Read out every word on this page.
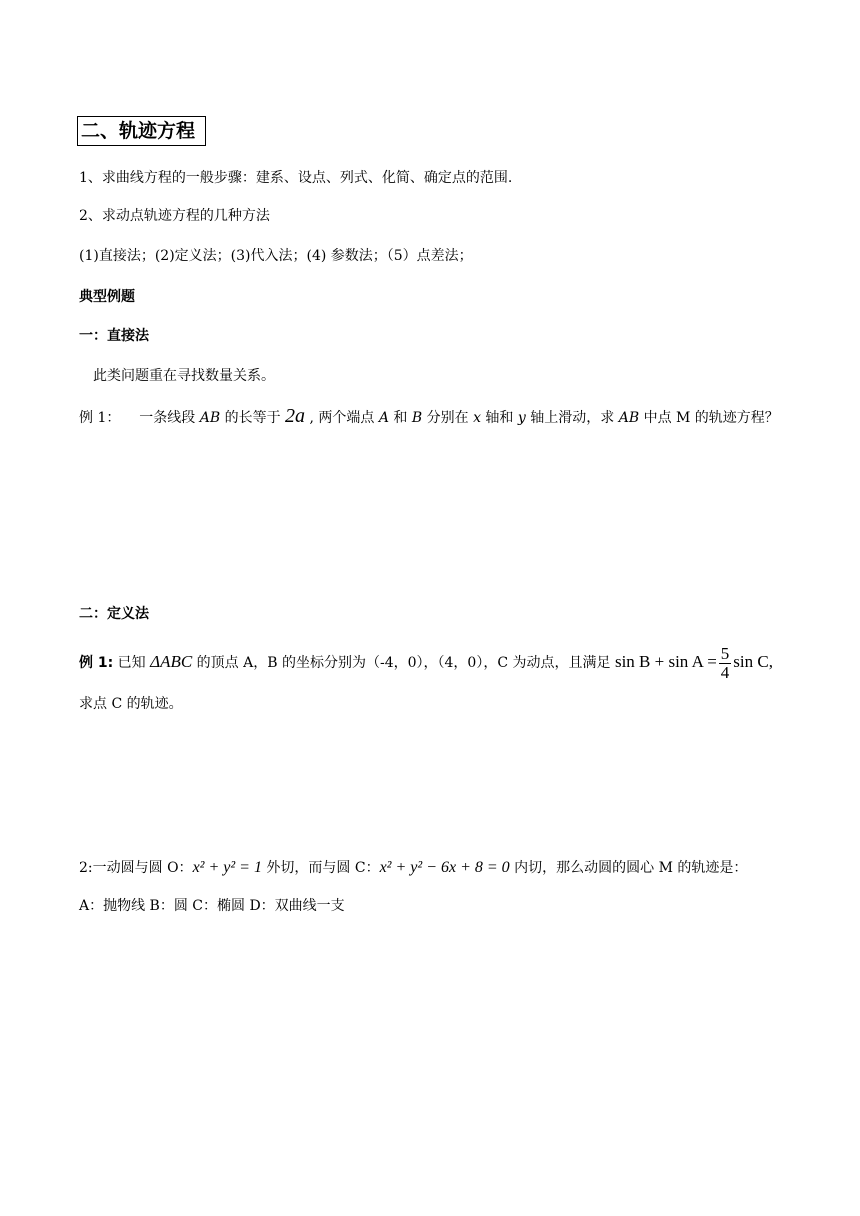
二、轨迹方程
1、求曲线方程的一般步骤：建系、设点、列式、化简、确定点的范围.
2、求动点轨迹方程的几种方法
(1)直接法；(2)定义法；(3)代入法；(4) 参数法；（5）点差法；
典型例题
一：直接法
此类问题重在寻找数量关系。
例 1： 一条线段 AB 的长等于 2a , 两个端点 A 和 B 分别在 x 轴和 y 轴上滑动，求 AB 中点 M 的轨迹方程？
二：定义法
例 1: 已知 ΔABC 的顶点 A，B 的坐标分别为（-4，0），（4，0），C 为动点，且满足 $\sin B + \sin A = \frac{5}{4}$ sin C,
求点 C 的轨迹。
2:一动圆与圆 O：x² + y² = 1 外切，而与圆 C：x² + y² − 6x + 8 = 0 内切，那么动圆的圆心 M 的轨迹是：
A：抛物线 B：圆 C：椭圆 D：双曲线一支
